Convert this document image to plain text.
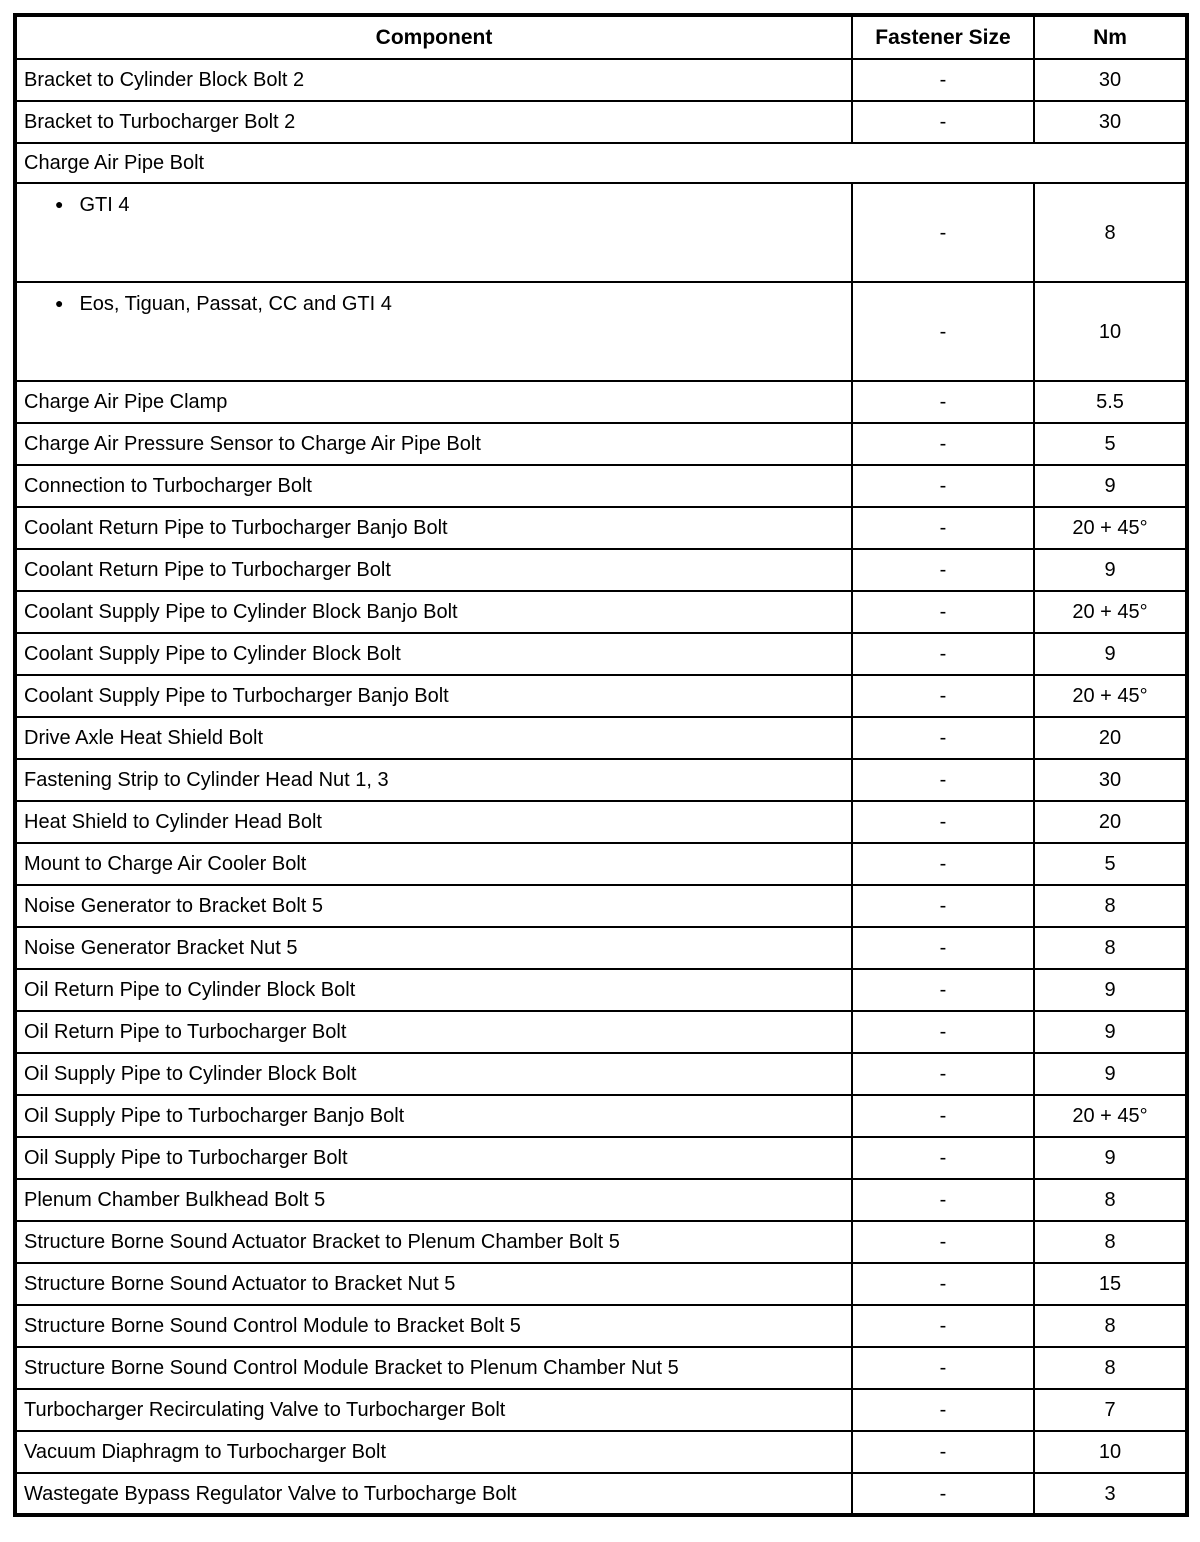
Component	Fastener Size	Nm
Bracket to Cylinder Block Bolt 2	-	30
Bracket to Turbocharger Bolt 2	-	30
Charge Air Pipe Bolt		
● GTI 4	-	8
● Eos, Tiguan, Passat, CC and GTI 4	-	10
Charge Air Pipe Clamp	-	5.5
Charge Air Pressure Sensor to Charge Air Pipe Bolt	-	5
Connection to Turbocharger Bolt	-	9
Coolant Return Pipe to Turbocharger Banjo Bolt	-	20 + 45°
Coolant Return Pipe to Turbocharger Bolt	-	9
Coolant Supply Pipe to Cylinder Block Banjo Bolt	-	20 + 45°
Coolant Supply Pipe to Cylinder Block Bolt	-	9
Coolant Supply Pipe to Turbocharger Banjo Bolt	-	20 + 45°
Drive Axle Heat Shield Bolt	-	20
Fastening Strip to Cylinder Head Nut 1, 3	-	30
Heat Shield to Cylinder Head Bolt	-	20
Mount to Charge Air Cooler Bolt	-	5
Noise Generator to Bracket Bolt 5	-	8
Noise Generator Bracket Nut 5	-	8
Oil Return Pipe to Cylinder Block Bolt	-	9
Oil Return Pipe to Turbocharger Bolt	-	9
Oil Supply Pipe to Cylinder Block Bolt	-	9
Oil Supply Pipe to Turbocharger Banjo Bolt	-	20 + 45°
Oil Supply Pipe to Turbocharger Bolt	-	9
Plenum Chamber Bulkhead Bolt 5	-	8
Structure Borne Sound Actuator Bracket to Plenum Chamber Bolt 5	-	8
Structure Borne Sound Actuator to Bracket Nut 5	-	15
Structure Borne Sound Control Module to Bracket Bolt 5	-	8
Structure Borne Sound Control Module Bracket to Plenum Chamber Nut 5	-	8
Turbocharger Recirculating Valve to Turbocharger Bolt	-	7
Vacuum Diaphragm to Turbocharger Bolt	-	10
Wastegate Bypass Regulator Valve to Turbocharge Bolt	-	3
